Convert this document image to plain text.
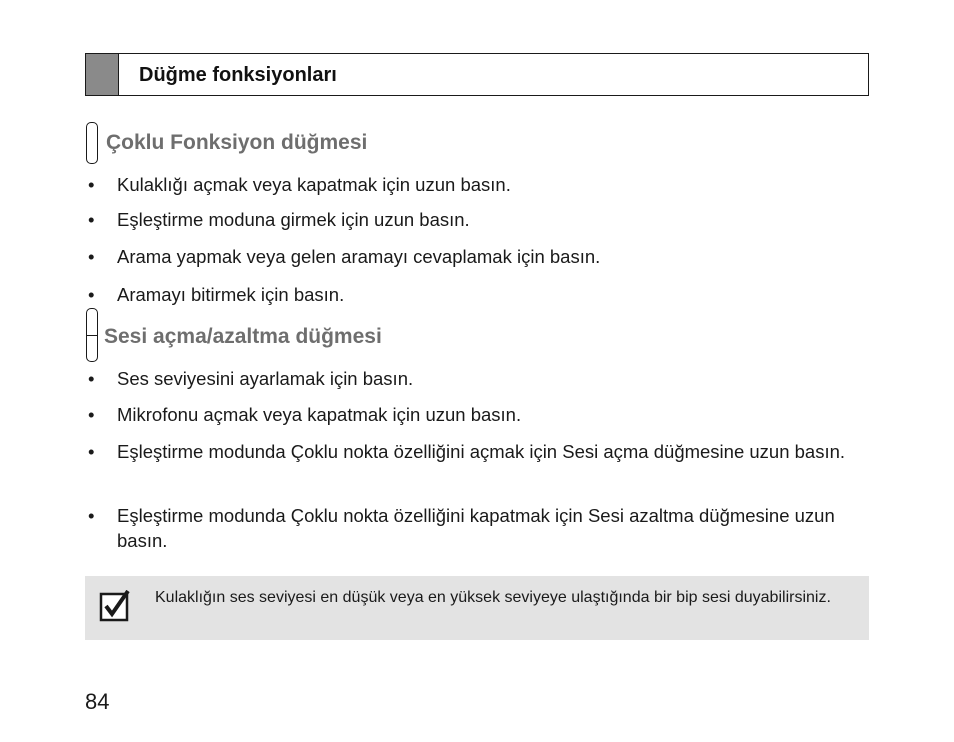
Düğme fonksiyonları
Çoklu Fonksiyon düğmesi
• Kulaklığı açmak veya kapatmak için uzun basın.
• Eşleştirme moduna girmek için uzun basın.
• Arama yapmak veya gelen aramayı cevaplamak için basın.
• Aramayı bitirmek için basın.
Sesi açma/azaltma düğmesi
• Ses seviyesini ayarlamak için basın.
• Mikrofonu açmak veya kapatmak için uzun basın.
• Eşleştirme modunda Çoklu nokta özelliğini açmak için Sesi açma düğmesine uzun basın.
• Eşleştirme modunda Çoklu nokta özelliğini kapatmak için Sesi azaltma düğmesine uzun basın.
Kulaklığın ses seviyesi en düşük veya en yüksek seviyeye ulaştığında bir bip sesi duyabilirsiniz.
84
